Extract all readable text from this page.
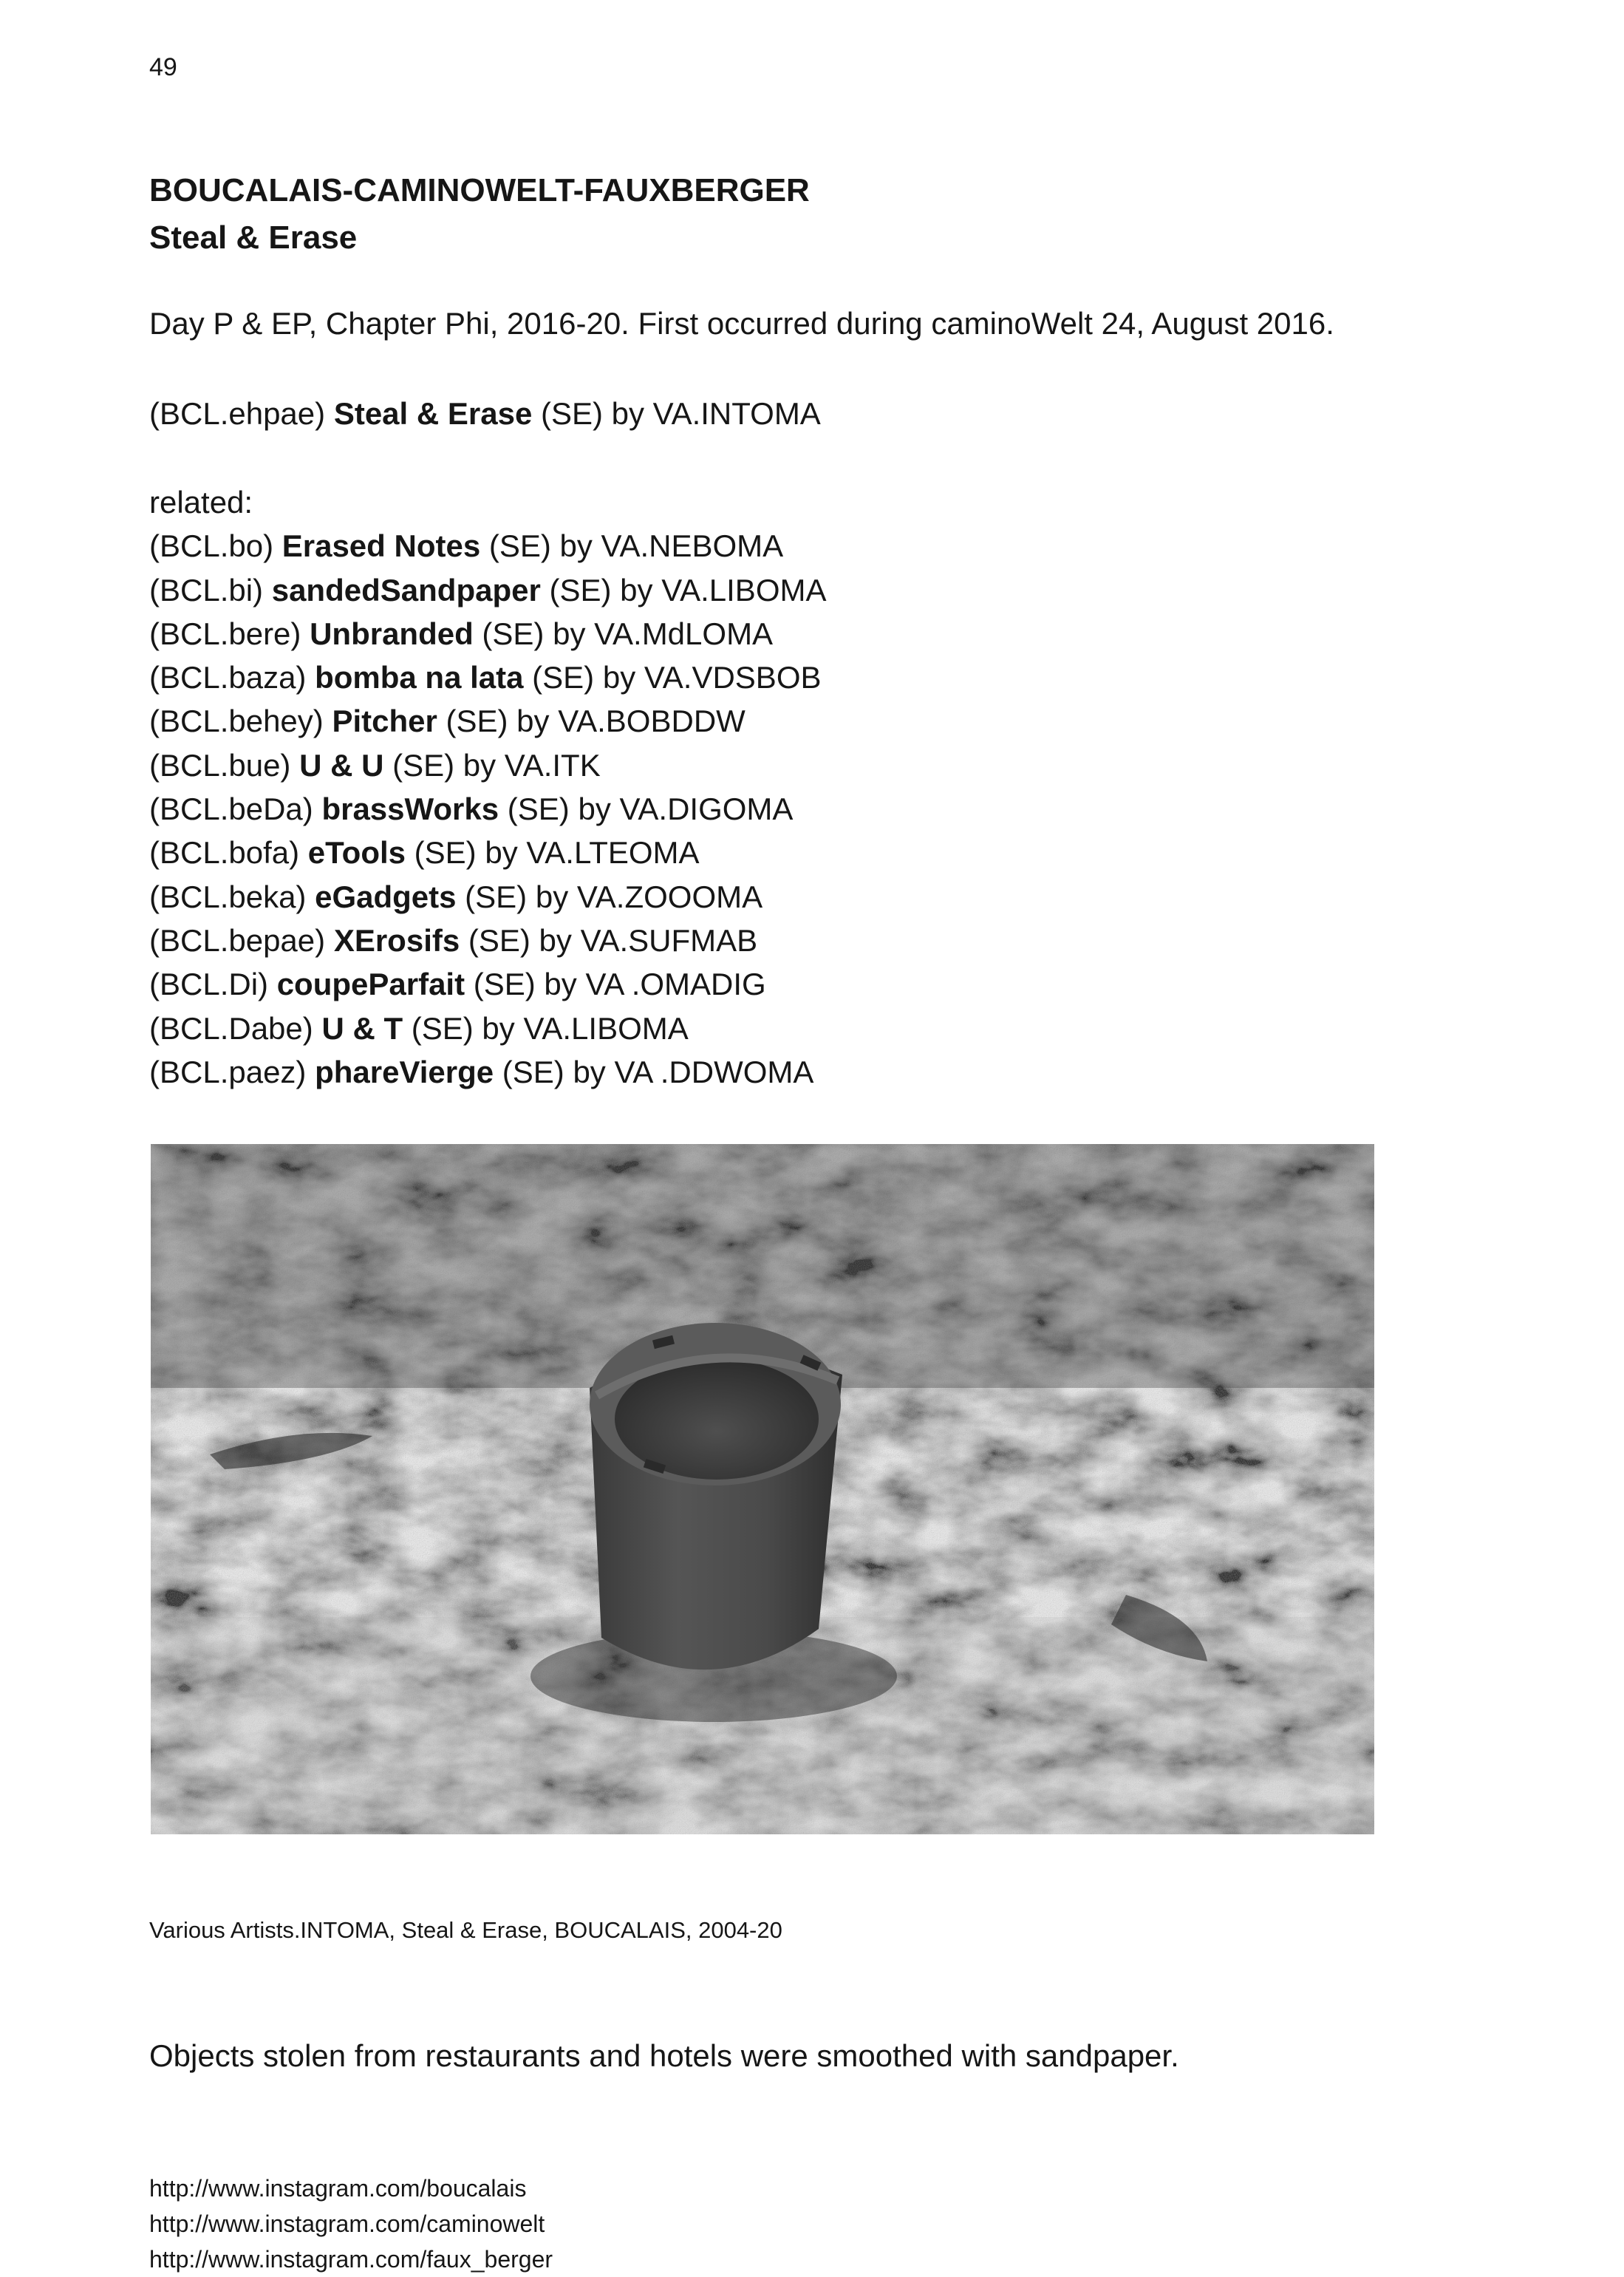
49
BOUCALAIS-CAMINOWELT-FAUXBERGER
Steal & Erase
Day P & EP, Chapter Phi, 2016-20. First occurred during caminoWelt 24, August 2016.
(BCL.ehpae) Steal & Erase (SE) by VA.INTOMA
related:
(BCL.bo) Erased Notes (SE) by VA.NEBOMA
(BCL.bi) sandedSandpaper (SE) by VA.LIBOMA
(BCL.bere) Unbranded (SE) by VA.MdLOMA
(BCL.baza) bomba na lata (SE) by VA.VDSBOB
(BCL.behey) Pitcher (SE) by VA.BOBDDW
(BCL.bue) U & U (SE) by VA.ITK
(BCL.beDa) brassWorks (SE) by VA.DIGOMA
(BCL.bofa) eTools (SE) by VA.LTEOMA
(BCL.beka) eGadgets (SE) by VA.ZOOOMA
(BCL.bepae) XErosifs (SE) by VA.SUFMAB
(BCL.Di) coupeParfait (SE) by VA .OMADIG
(BCL.Dabe) U & T (SE) by VA.LIBOMA
(BCL.paez) phareVierge (SE) by VA .DDWOMA
Various Artists.INTOMA, Steal & Erase, BOUCALAIS, 2004-20
Objects stolen from restaurants and hotels were smoothed with sandpaper.
http://www.instagram.com/boucalais
http://www.instagram.com/caminowelt
http://www.instagram.com/faux_berger
